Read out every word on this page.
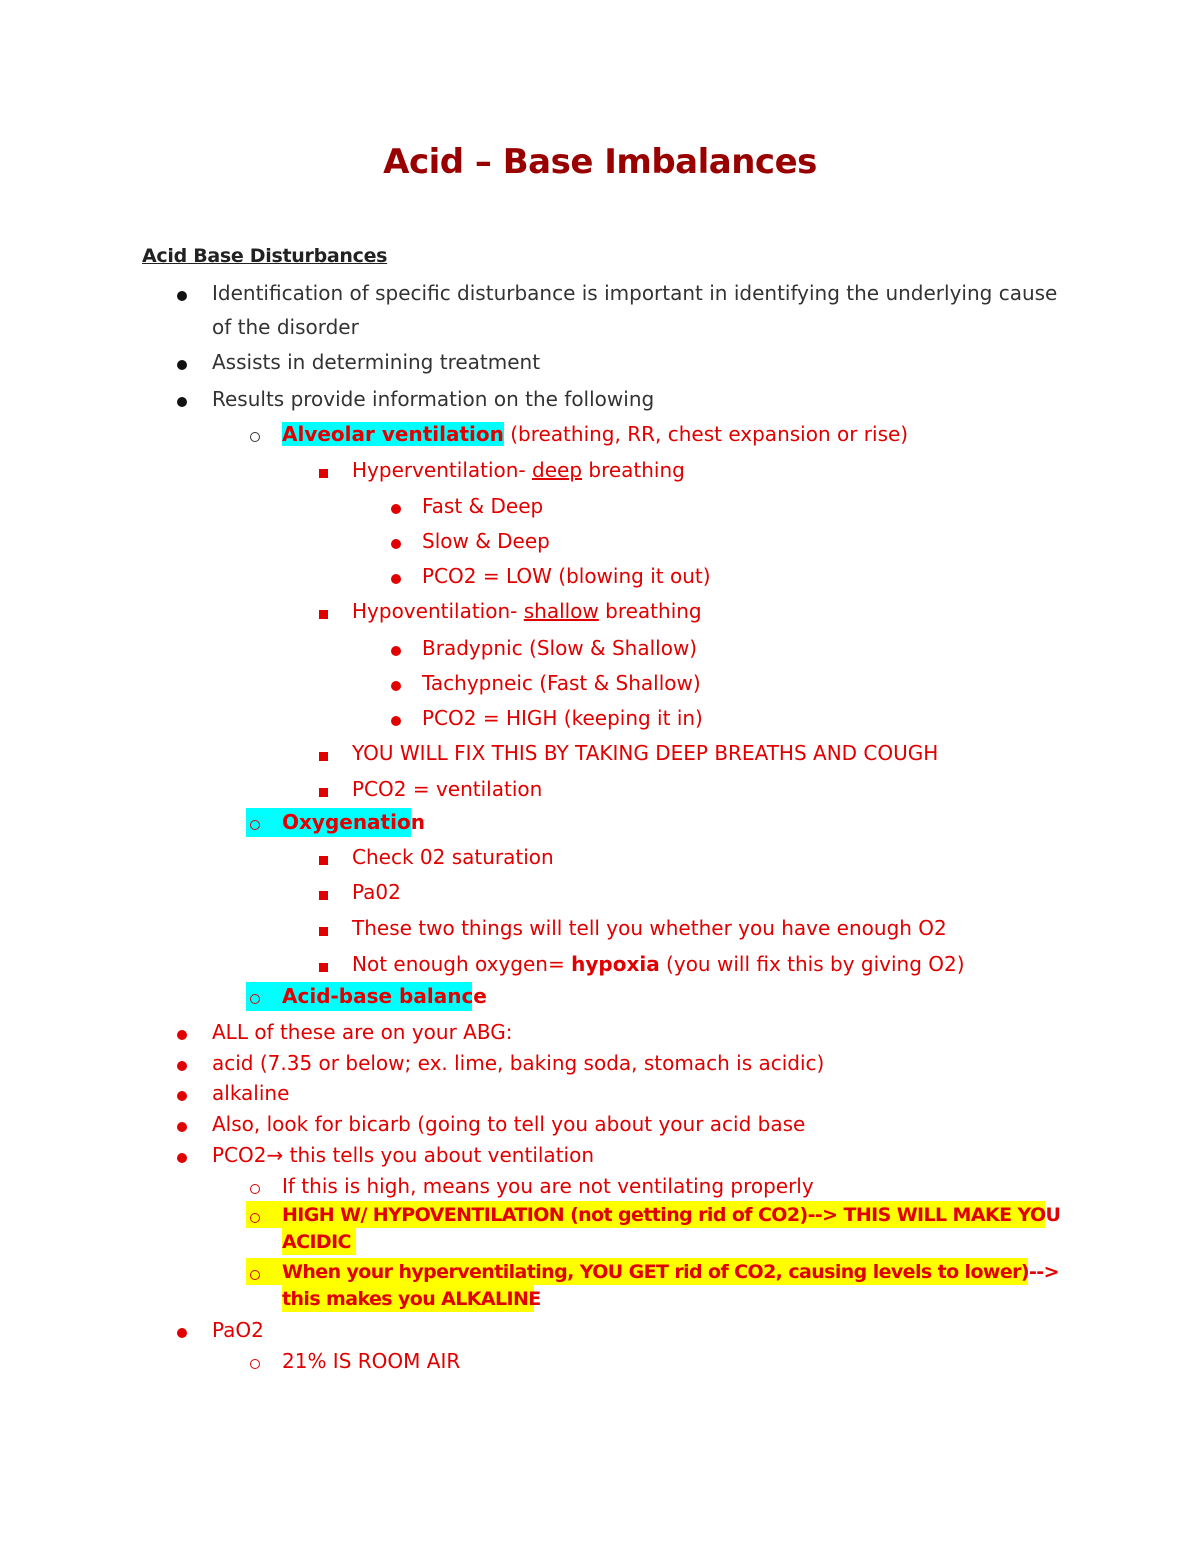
Acid – Base Imbalances
Acid Base Disturbances
Identification of specific disturbance is important in identifying the underlying cause
of the disorder
Assists in determining treatment
Results provide information on the following
Alveolar ventilation (breathing, RR, chest expansion or rise)
Hyperventilation- deep breathing
Fast & Deep
Slow & Deep
PCO2 = LOW (blowing it out)
Hypoventilation- shallow breathing
Bradypnic (Slow & Shallow)
Tachypneic (Fast & Shallow)
PCO2 = HIGH (keeping it in)
YOU WILL FIX THIS BY TAKING DEEP BREATHS AND COUGH
PCO2 = ventilation
Oxygenation
Check 02 saturation
Pa02
These two things will tell you whether you have enough O2
Not enough oxygen= hypoxia (you will fix this by giving O2)
Acid-base balance
ALL of these are on your ABG:
acid (7.35 or below; ex. lime, baking soda, stomach is acidic)
alkaline
Also, look for bicarb (going to tell you about your acid base
PCO2→ this tells you about ventilation
If this is high, means you are not ventilating properly
HIGH W/ HYPOVENTILATION (not getting rid of CO2)--> THIS WILL MAKE YOU
ACIDIC
When your hyperventilating, YOU GET rid of CO2, causing levels to lower)-->
this makes you ALKALINE
PaO2
21% IS ROOM AIR
